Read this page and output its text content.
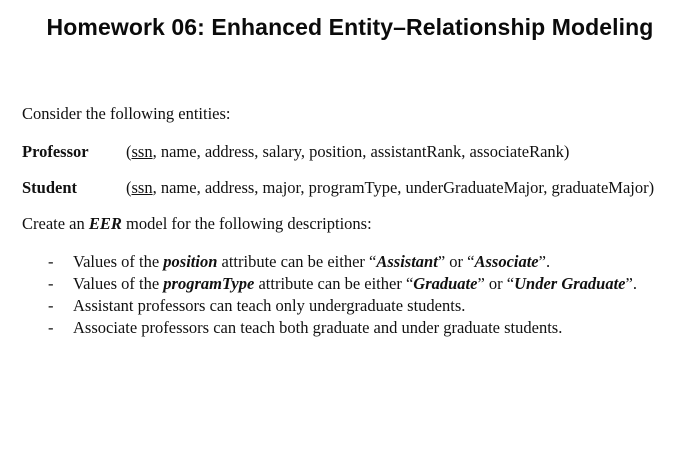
Homework 06: Enhanced Entity–Relationship Modeling
Consider the following entities:
Professor (ssn, name, address, salary, position, assistantRank, associateRank)
Student	(ssn, name, address, major, programType, underGraduateMajor, graduateMajor)
Create an EER model for the following descriptions:
- Values of the position attribute can be either “Assistant” or “Associate”.
- Values of the programType attribute can be either “Graduate” or “Under Graduate”.
- Assistant professors can teach only undergraduate students.
- Associate professors can teach both graduate and under graduate students.
